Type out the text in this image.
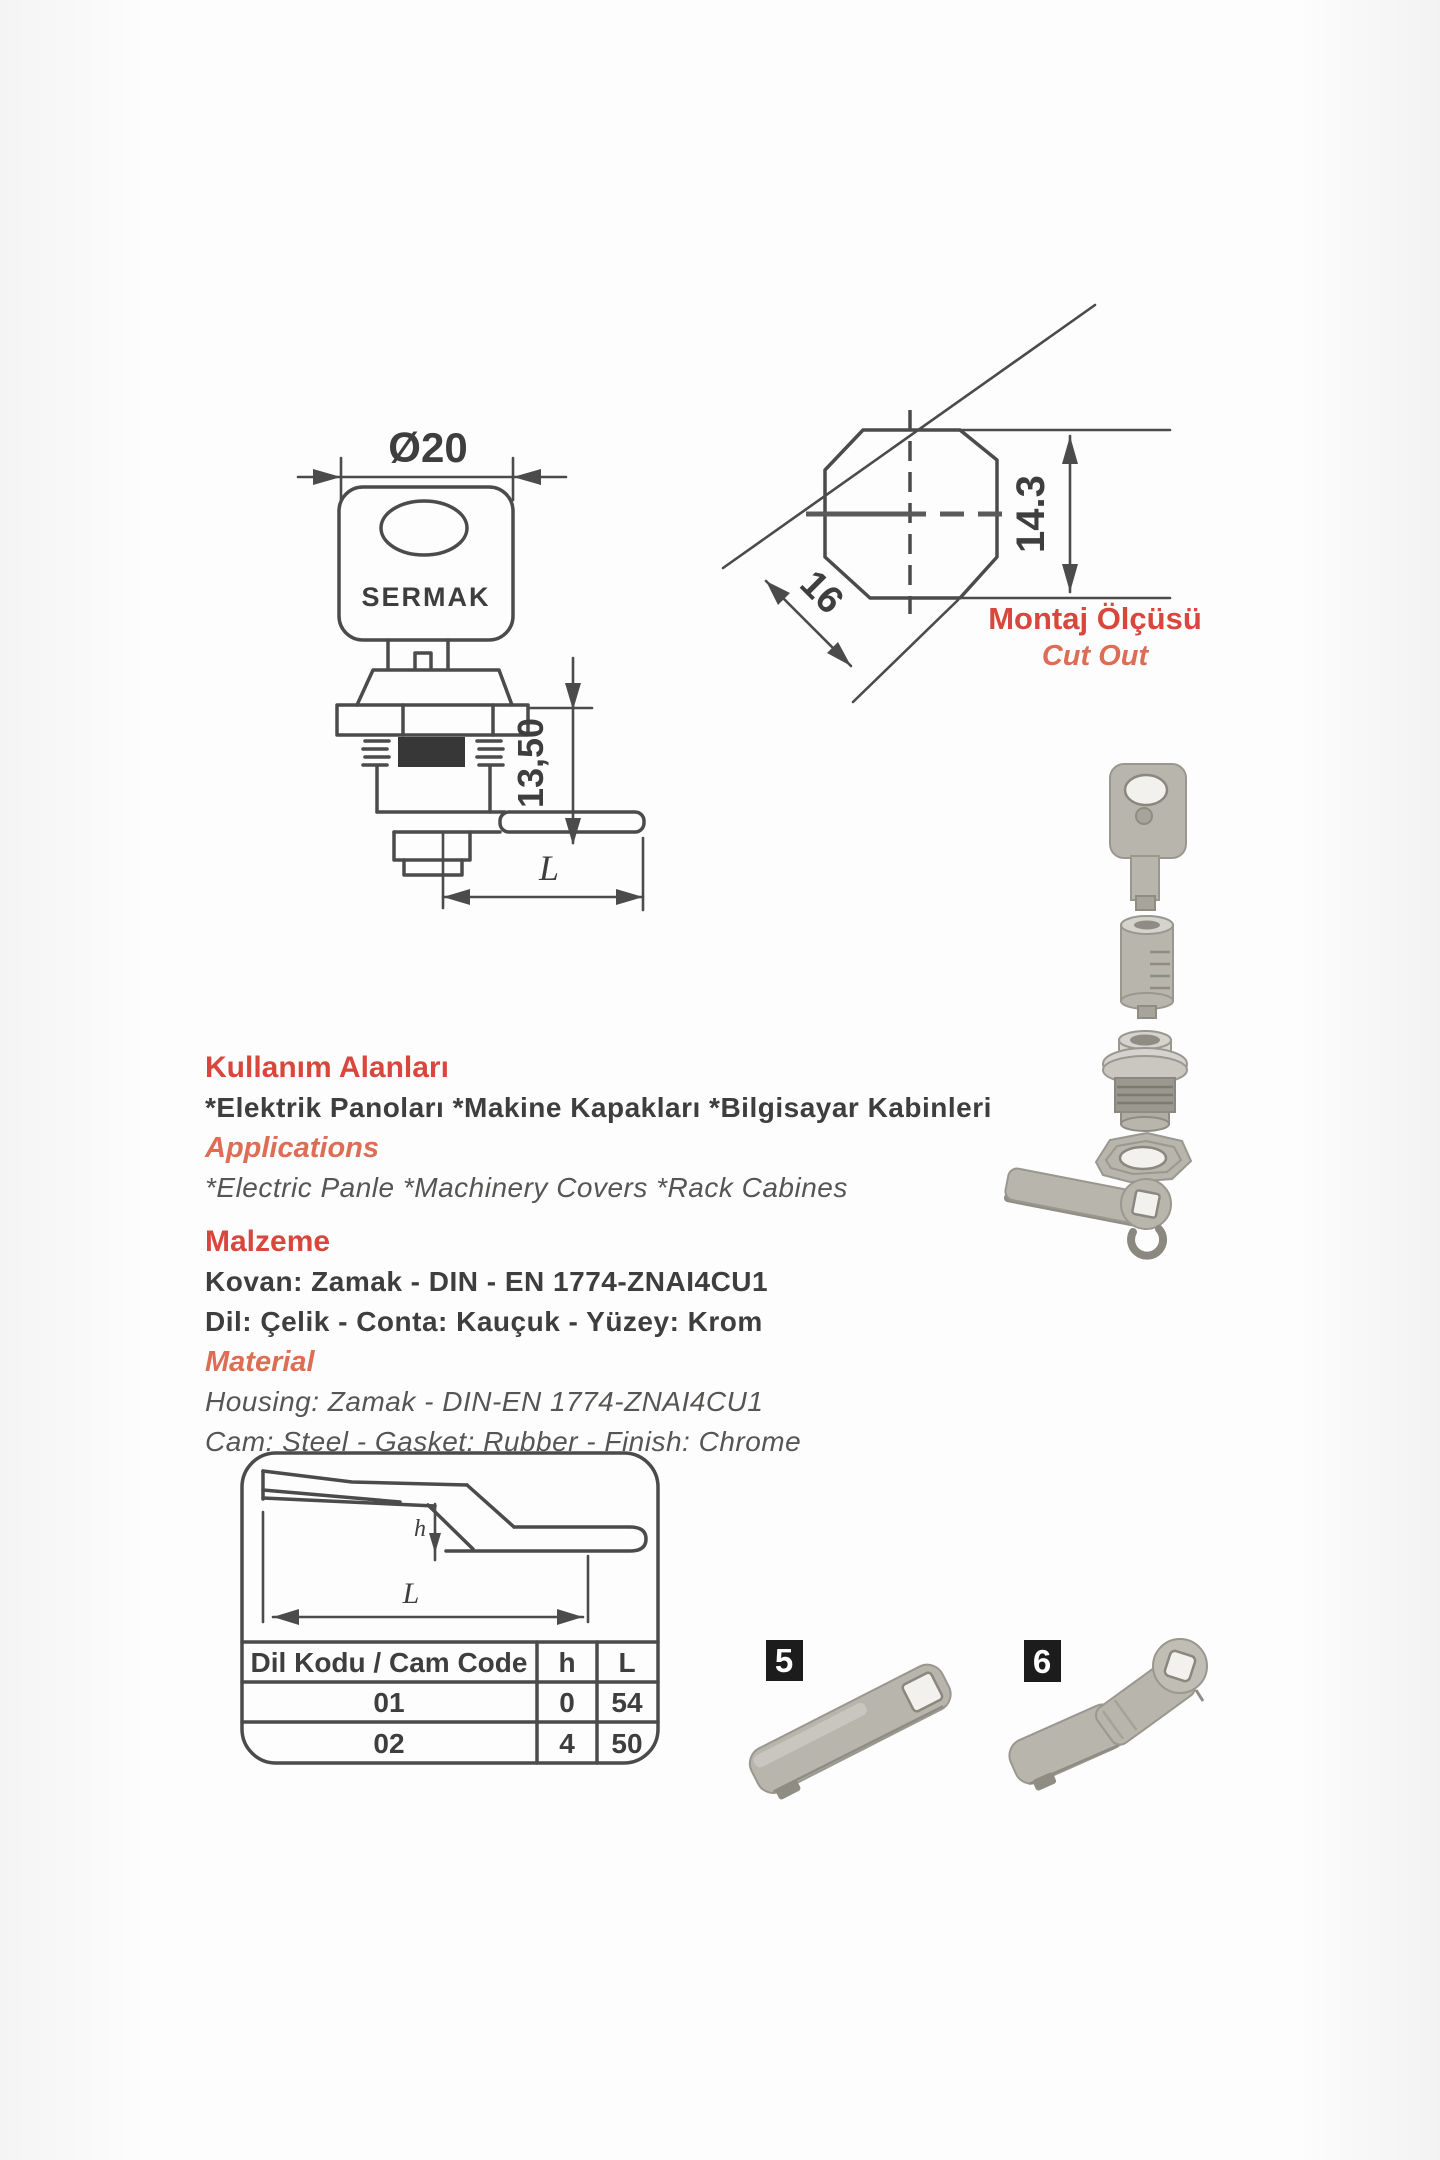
Ø20
SERMAK
13,50
L
14.3
16
h
L
Dil Kodu / Cam Code h L
01	0 54
02	4 50
5	6
Montaj Ölçüsü
Cut Out
Kullanım Alanları
*Elektrik Panoları *Makine Kapakları *Bilgisayar Kabinleri
Applications
*Electric Panle *Machinery Covers *Rack Cabines
Malzeme
Kovan: Zamak - DIN - EN 1774-ZNAI4CU1
Dil: Çelik - Conta: Kauçuk - Yüzey: Krom
Material
Housing: Zamak - DIN-EN 1774-ZNAI4CU1
Cam: Steel - Gasket: Rubber - Finish: Chrome
